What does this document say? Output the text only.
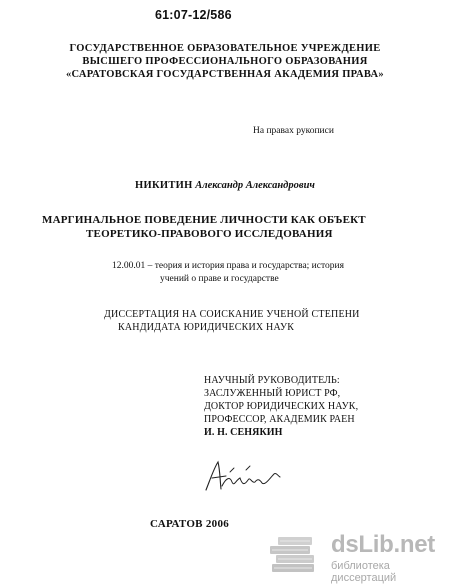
61:07-12/586
ГОСУДАРСТВЕННОЕ ОБРАЗОВАТЕЛЬНОЕ УЧРЕЖДЕНИЕ
ВЫСШЕГО ПРОФЕССИОНАЛЬНОГО ОБРАЗОВАНИЯ
«САРАТОВСКАЯ ГОСУДАРСТВЕННАЯ АКАДЕМИЯ ПРАВА»
На правах рукописи
НИКИТИН Александр Александрович
МАРГИНАЛЬНОЕ ПОВЕДЕНИЕ ЛИЧНОСТИ КАК ОБЪЕКТ
ТЕОРЕТИКО-ПРАВОВОГО ИССЛЕДОВАНИЯ
12.00.01 – теория и история права и государства; история
учений о праве и государстве
ДИССЕРТАЦИЯ НА СОИСКАНИЕ УЧЕНОЙ СТЕПЕНИ
КАНДИДАТА ЮРИДИЧЕСКИХ НАУК
НАУЧНЫЙ РУКОВОДИТЕЛЬ:
ЗАСЛУЖЕННЫЙ ЮРИСТ РФ,
ДОКТОР ЮРИДИЧЕСКИХ НАУК,
ПРОФЕССОР, АКАДЕМИК РАЕН
И. Н. СЕНЯКИН
САРАТОВ 2006
dsLib.net
библиотека диссертаций
